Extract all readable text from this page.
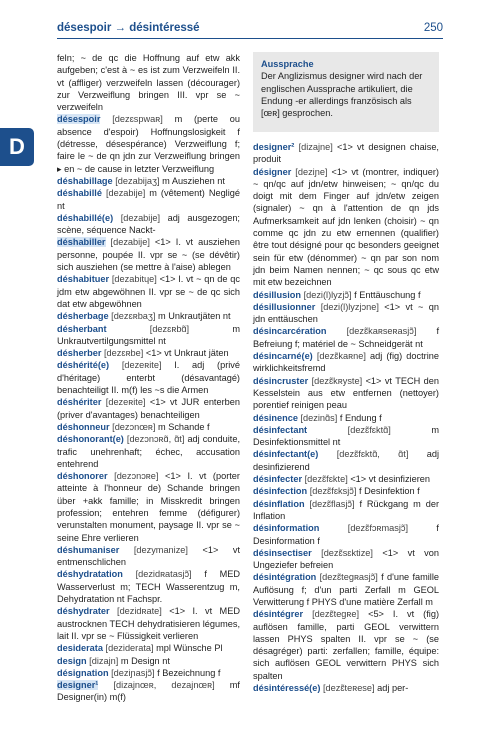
désespoir → désintéressé	250
D
feln; ~ de qc die Hoffnung auf etw akk aufgeben; c'est à ~ es ist zum Verzweifeln II. vt (affliger) verzweifeln lassen (décourager) zur Verzweiflung bringen III. vpr se ~ verzweifeln
désespoir [dezɛspwaʀ] m (perte ou absence d'espoir) Hoffnungslosigkeit f (détresse, désespérance) Verzweiflung f; faire le ~ de qn jdn zur Verzweiflung bringen ▸ en ~ de cause in letzter Verzweiflung
déshabillage [dezabijaʒ] m Ausziehen nt
déshabillé [dezabije] m (vêtement) Negligé nt
déshabillé(e) [dezabije] adj ausgezogen; scène, séquence Nackt-
déshabiller [dezabije] <1> I. vt ausziehen personne, poupée II. vpr se ~ (se dévêtir) sich ausziehen (se mettre à l'aise) ablegen
déshabituer [dezabitɥe] <1> I. vt ~ qn de qc jdm etw abgewöhnen II. vpr se ~ de qc sich dat etw abgewöhnen
désherbage [dezɛʀbaʒ] m Unkrautjäten nt
désherbant	[dezɛʀbɑ̃]	m Unkrautvertilgungsmittel nt
désherber [dezɛʀbe] <1> vt Unkraut jäten
déshérité(e) [dezeʀite] I. adj (privé d'héritage) enterbt (désavantagé) benachteiligt II. m(f) les ~s die Armen
déshériter [dezeʀite] <1> vt JUR enterben (priver d'avantages) benachteiligen
déshonneur [dezɔnœʀ] m Schande f
déshonorant(e) [dezɔnɔʀɑ̃, ɑ̃t] adj conduite, trafic unehrenhaft; échec, accusation entehrend
déshonorer [dezɔnɔʀe] <1> I. vt (porter atteinte à l'honneur de) Schande bringen über +akk famille; in Misskredit bringen profession; entehren femme (défigurer) verunstalten monument, paysage II. vpr se ~ seine Ehre verlieren
déshumaniser [dezymanize] <1> vt entmenschlichen
déshydratation [dezidʀatasjɔ̃] f MED Wasserverlust m; TECH Wasserentzug m, Dehydratation nt Fachspr.
déshydrater [dezidʀate] <1> I. vt MED austrocknen TECH dehydratisieren légumes, lait II. vpr se ~ Flüssigkeit verlieren
desiderata [deziderata] mpl Wünsche Pl
design [dizajn] m Design nt
désignation [deziɲasjɔ̃] f Bezeichnung f
designer¹ [dizajnœʀ, dezajnœʀ] mf Designer(in) m(f)
Aussprache
Der Anglizismus designer wird nach der englischen Aussprache artikuliert, die Endung -er allerdings französisch als [œʀ] gesprochen.
designer² [dizajne] <1> vt designen chaise, produit
désigner [deziɲe] <1> vt (montrer, indiquer) ~ qn/qc auf jdn/etw hinweisen; ~ qn/qc du doigt mit dem Finger auf jdn/etw zeigen (signaler) ~ qn à l'attention de qn jds Aufmerksamkeit auf jdn lenken (choisir) ~ qn comme qc jdn zu etw ernennen (qualifier) être tout désigné pour qc besonders geeignet sein für etw (dénommer) ~ qn par son nom jdn beim Namen nennen; ~ qc sous qc etw mit etw bezeichnen
désillusion [dezi(l)lyzjɔ̃] f Enttäuschung f
désillusionner [dezi(l)lyzjɔne] <1> vt ~ qn jdn enttäuschen
désincarcération [dezɛ̃kaʀseʀasjɔ̃] f Befreiung f; matériel de ~ Schneidgerät nt
désincarné(e) [dezɛ̃kaʀne] adj (fig) doctrine wirklichkeitsfremd
désincruster [dezɛ̃kʀyste] <1> vt TECH den Kesselstein aus etw entfernen (nettoyer) porentief reinigen peau
désinence [dezinɑ̃s] f Endung f
désinfectant	[dezɛ̃fɛktɑ̃]	m Desinfektionsmittel nt
désinfectant(e) [dezɛ̃fɛktɑ̃, ɑ̃t] adj desinfizierend
désinfecter [dezɛ̃fɛkte] <1> vt desinfizieren
désinfection [dezɛ̃fɛksjɔ̃] f Desinfektion f
désinflation [dezɛ̃flasjɔ̃] f Rückgang m der Inflation
désinformation	[dezɛ̃fɔʀmasjɔ̃]	f Desinformation f
désinsectiser [dezɛ̃sɛktize] <1> vt von Ungeziefer befreien
désintégration [dezɛ̃tegʀasjɔ̃] f d'une famille Auflösung f; d'un parti Zerfall m GEOL Verwitterung f PHYS d'une matière Zerfall m
désintégrer [dezɛ̃tegʀe] <5> I. vt (fig) auflösen famille, parti GEOL verwittern lassen PHYS spalten II. vpr se ~ (se désagréger) parti: zerfallen; famille, équipe: sich auflösen GEOL verwittern PHYS sich spalten
désintéressé(e) [dezɛ̃teʀese] adj per-
